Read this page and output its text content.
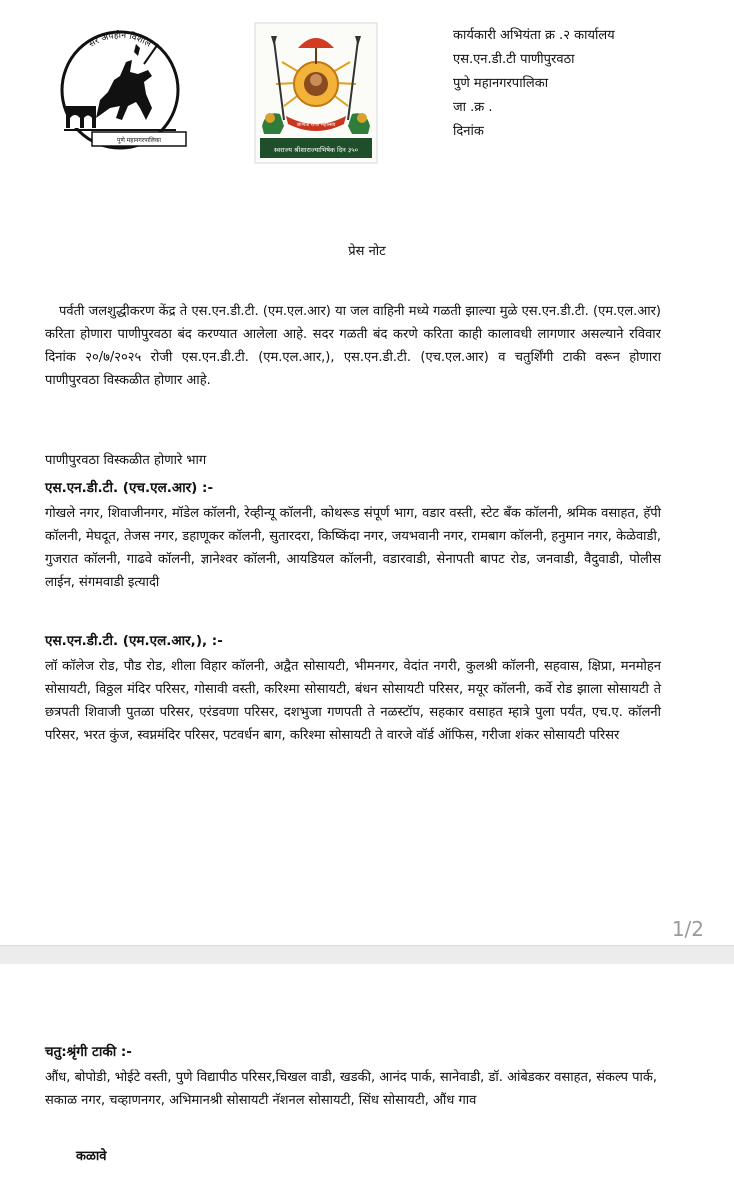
सर अपहीन विशाल
पुणे महानगरपालिका
जाणता राजा महोत्सव
स्वराज्य श्रीशाराज्याभिषेक दिन ३५०
कार्यकारी अभियंता क्र .२ कार्यालय
एस.एन.डी.टी पाणीपुरवठा
पुणे महानगरपालिका
जा .क्र .
दिनांक
प्रेस नोट
पर्वती जलशुद्धीकरण केंद्र ते एस.एन.डी.टी. (एम.एल.आर) या जल वाहिनी मध्ये गळती झाल्या मुळे एस.एन.डी.टी. (एम.एल.आर) करिता होणारा पाणीपुरवठा बंद करण्यात आलेला आहे. सदर गळती बंद करणे करिता काही कालावधी लागणार असल्याने रविवार दिनांक २०/७/२०२५ रोजी एस.एन.डी.टी. (एम.एल.आर,), एस.एन.डी.टी. (एच.एल.आर) व चतुर्शिंगी टाकी वरून होणारा पाणीपुरवठा विस्कळीत होणार आहे.
पाणीपुरवठा विस्कळीत होणारे भाग
एस.एन.डी.टी. (एच.एल.आर) :-
गोखले नगर, शिवाजीनगर, मॉडेल कॉलनी, रेव्हीन्यू कॉलनी, कोथरूड संपूर्ण भाग, वडार वस्ती, स्टेट बँक कॉलनी, श्रमिक वसाहत, हॅपी कॉलनी, मेघदूत, तेजस नगर, डहाणूकर कॉलनी, सुतारदरा, किष्किंदा नगर, जयभवानी नगर, रामबाग कॉलनी, हनुमान नगर, केळेवाडी, गुजरात कॉलनी, गाढवे कॉलनी, ज्ञानेश्वर कॉलनी, आयडियल कॉलनी, वडारवाडी, सेनापती बापट रोड, जनवाडी, वैदुवाडी, पोलीस लाईन, संगमवाडी इत्यादी
एस.एन.डी.टी. (एम.एल.आर,), :-
लॉ कॉलेज रोड, पौड रोड, शीला विहार कॉलनी, अद्वैत सोसायटी, भीमनगर, वेदांत नगरी, कुलश्री कॉलनी, सहवास, क्षिप्रा, मनमोहन सोसायटी, विठ्ठल मंदिर परिसर, गोसावी वस्ती, करिश्मा सोसायटी, बंधन सोसायटी परिसर, मयूर कॉलनी, कर्वे रोड झाला सोसायटी ते छत्रपती शिवाजी पुतळा परिसर, एरंडवणा परिसर, दशभुजा गणपती ते नळस्टॉप, सहकार वसाहत म्हात्रे पुला पर्यंत, एच.ए. कॉलनी परिसर, भरत कुंज, स्वप्नमंदिर परिसर, पटवर्धन बाग, करिश्मा सोसायटी ते वारजे वॉर्ड ऑफिस, गरीजा शंकर सोसायटी परिसर
1/2
चतु:श्रृंगी टाकी :-
औंध, बोपोडी, भोईटे वस्ती, पुणे विद्यापीठ परिसर,चिखल वाडी, खडकी, आनंद पार्क, सानेवाडी, डॉ. आंबेडकर वसाहत, संकल्प पार्क, सकाळ नगर, चव्हाणनगर, अभिमानश्री सोसायटी नॅशनल सोसायटी, सिंध सोसायटी, औंध गाव
कळावे
